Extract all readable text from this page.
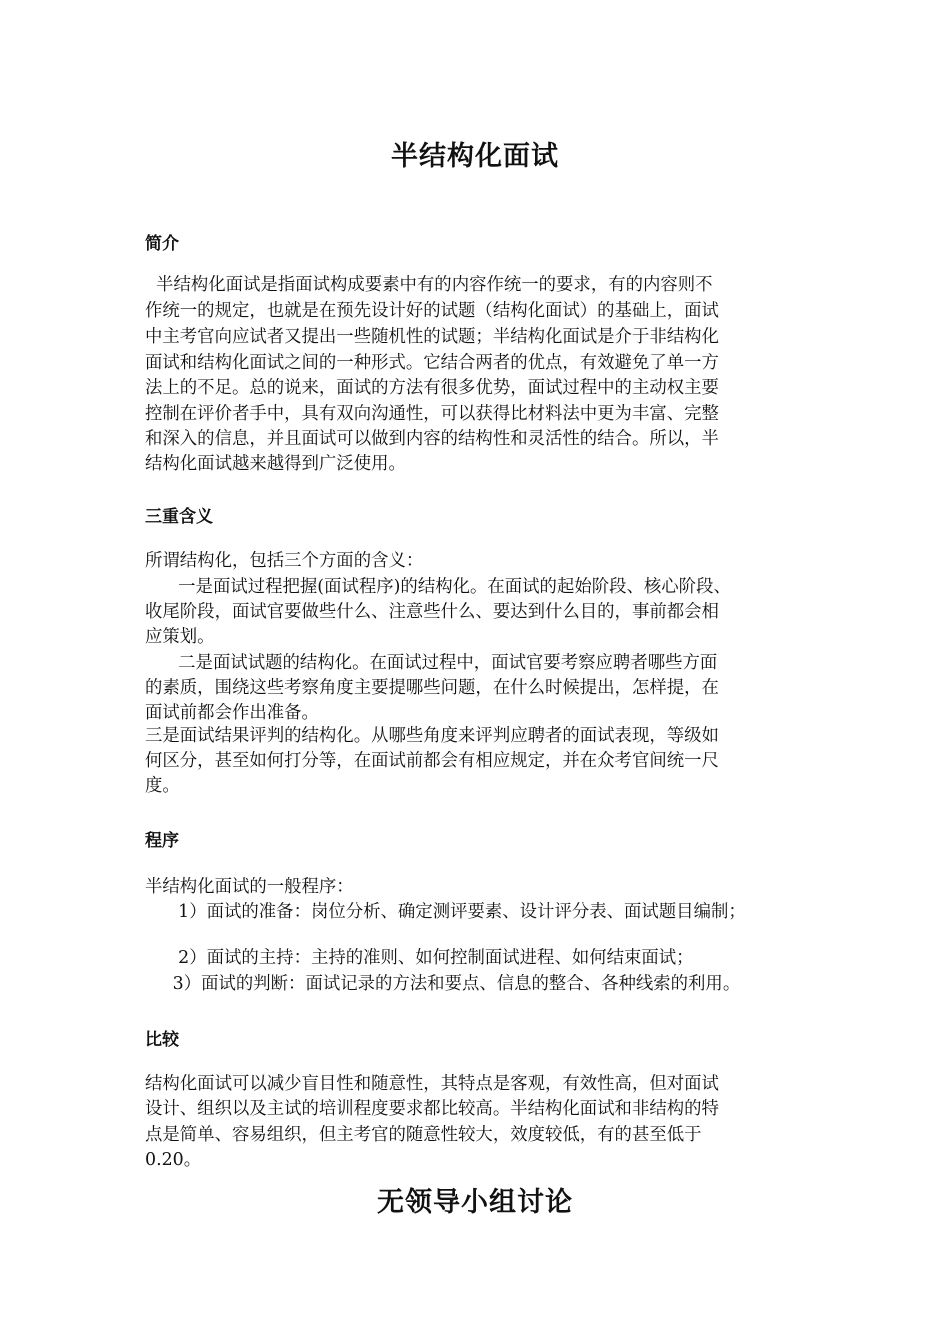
半结构化面试
简介

半结构化面试是指面试构成要素中有的内容作统一的要求，有的内容则不

作统一的规定，也就是在预先设计好的试题（结构化面试）的基础上，面试

中主考官向应试者又提出一些随机性的试题；半结构化面试是介于非结构化

面试和结构化面试之间的一种形式。它结合两者的优点，有效避免了单一方

法上的不足。总的说来，面试的方法有很多优势，面试过程中的主动权主要

控制在评价者手中，具有双向沟通性，可以获得比材料法中更为丰富、完整

和深入的信息，并且面试可以做到内容的结构性和灵活性的结合。所以，半

结构化面试越来越得到广泛使用。

三重含义

所谓结构化，包括三个方面的含义：

一是面试过程把握(面试程序)的结构化。在面试的起始阶段、核心阶段、

收尾阶段，面试官要做些什么、注意些什么、要达到什么目的，事前都会相

应策划。

二是面试试题的结构化。在面试过程中，面试官要考察应聘者哪些方面

的素质，围绕这些考察角度主要提哪些问题，在什么时候提出，怎样提，在

面试前都会作出准备。

三是面试结果评判的结构化。从哪些角度来评判应聘者的面试表现，等级如

何区分，甚至如何打分等，在面试前都会有相应规定，并在众考官间统一尺

度。

程序

半结构化面试的一般程序：

1）面试的准备：岗位分析、确定测评要素、设计评分表、面试题目编制；

2）面试的主持：主持的准则、如何控制面试进程、如何结束面试；

3）面试的判断：面试记录的方法和要点、信息的整合、各种线索的利用。

比较

结构化面试可以减少盲目性和随意性，其特点是客观，有效性高，但对面试

设计、组织以及主试的培训程度要求都比较高。半结构化面试和非结构的特

点是简单、容易组织，但主考官的随意性较大，效度较低，有的甚至低于

0.20。

无领导小组讨论
